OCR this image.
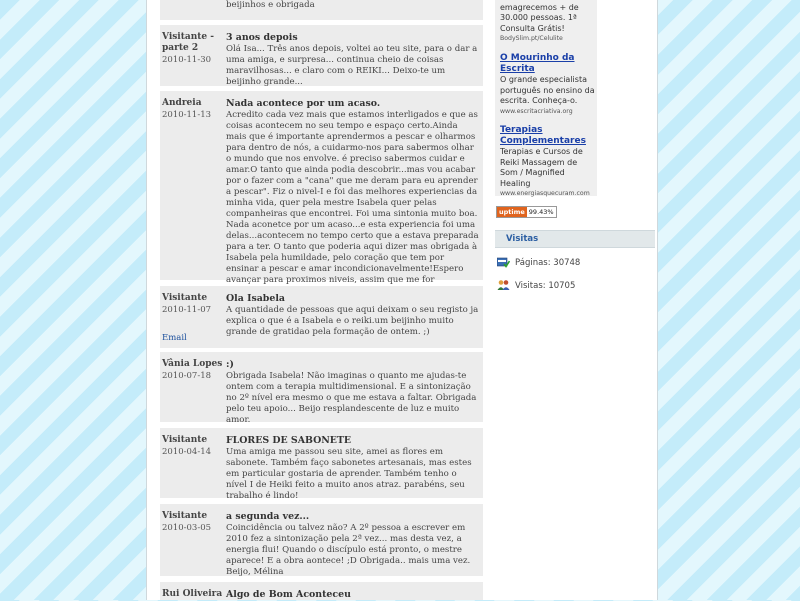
beijinhos e obrigada
Visitante - parte 2
2010-11-30
3 anos depois
Olá Isa... Três anos depois, voltei ao teu site, para o dar a uma amiga, e surpresa... continua cheio de coisas maravilhosas... e claro com o REIKI... Deixo-te um beijinho grande...
Andreia
2010-11-13
Nada acontece por um acaso.
Acredito cada vez mais que estamos interligados e que as coisas acontecem no seu tempo e espaço certo.Ainda mais que é importante aprendermos a pescar e olharmos para dentro de nós, a cuidarmo-nos para sabermos olhar o mundo que nos envolve. é preciso sabermos cuidar e amar.O tanto que ainda podia descobrir...mas vou acabar por o fazer com a "cana" que me deram para eu aprender a pescar". Fiz o nivel-I e foi das melhores experiencias da minha vida, quer pela mestre Isabela quer pelas companheiras que encontrei. Foi uma sintonia muito boa. Nada aconetce por um acaso...e esta experiencia foi uma delas...acontecem no tempo certo que a estava preparada para a ter. O tanto que poderia aqui dizer mas obrigada à Isabela pela humildade, pelo coração que tem por ensinar a pescar e amar incondicionavelmente!Espero avançar para proximos niveis, assim que me for
Visitante
2010-11-07
Email
Ola Isabela
A quantidade de pessoas que aqui deixam o seu registo ja explica o que é a Isabela e o reiki.um beijinho muito grande de gratidao pela formação de ontem. ;)
Vânia Lopes
2010-07-18
:)
Obrigada Isabela! Não imaginas o quanto me ajudas-te ontem com a terapia multidimensional. E a sintonização no 2º nível era mesmo o que me estava a faltar. Obrigada pelo teu apoio... Beijo resplandescente de luz e muito amor.
Visitante
2010-04-14
FLORES DE SABONETE
Uma amiga me passou seu site, amei as flores em sabonete. Também faço sabonetes artesanais, mas estes em particular gostaria de aprender. Também tenho o nível I de Heiki feito a muito anos atraz. parabéns, seu trabalho é lindo!
Visitante
2010-03-05
a segunda vez...
Coincidência ou talvez não? A 2º pessoa a escrever em 2010 fez a sintonização pela 2ª vez... mas desta vez, a energia flui! Quando o discípulo está pronto, o mestre aparece! E a obra aontece! ;D Obrigada.. mais uma vez. Beijo, Mélina
Rui Oliveira Algo de Bom Aconteceu
emagrecemos + de 30.000 pessoas. 1ª Consulta Grátis!
BodySlim.pt/Celulite
O Mourinho da Escrita
O grande especialista português no ensino da escrita. Conheça-o.
www.escritacriativa.org
Terapias Complementares
Terapias e Cursos de Reiki Massagem de Som / Magnified Healing
www.energiasquecuram.com
uptime 99.43%
Visitas
Páginas: 30748
Visitas: 10705
